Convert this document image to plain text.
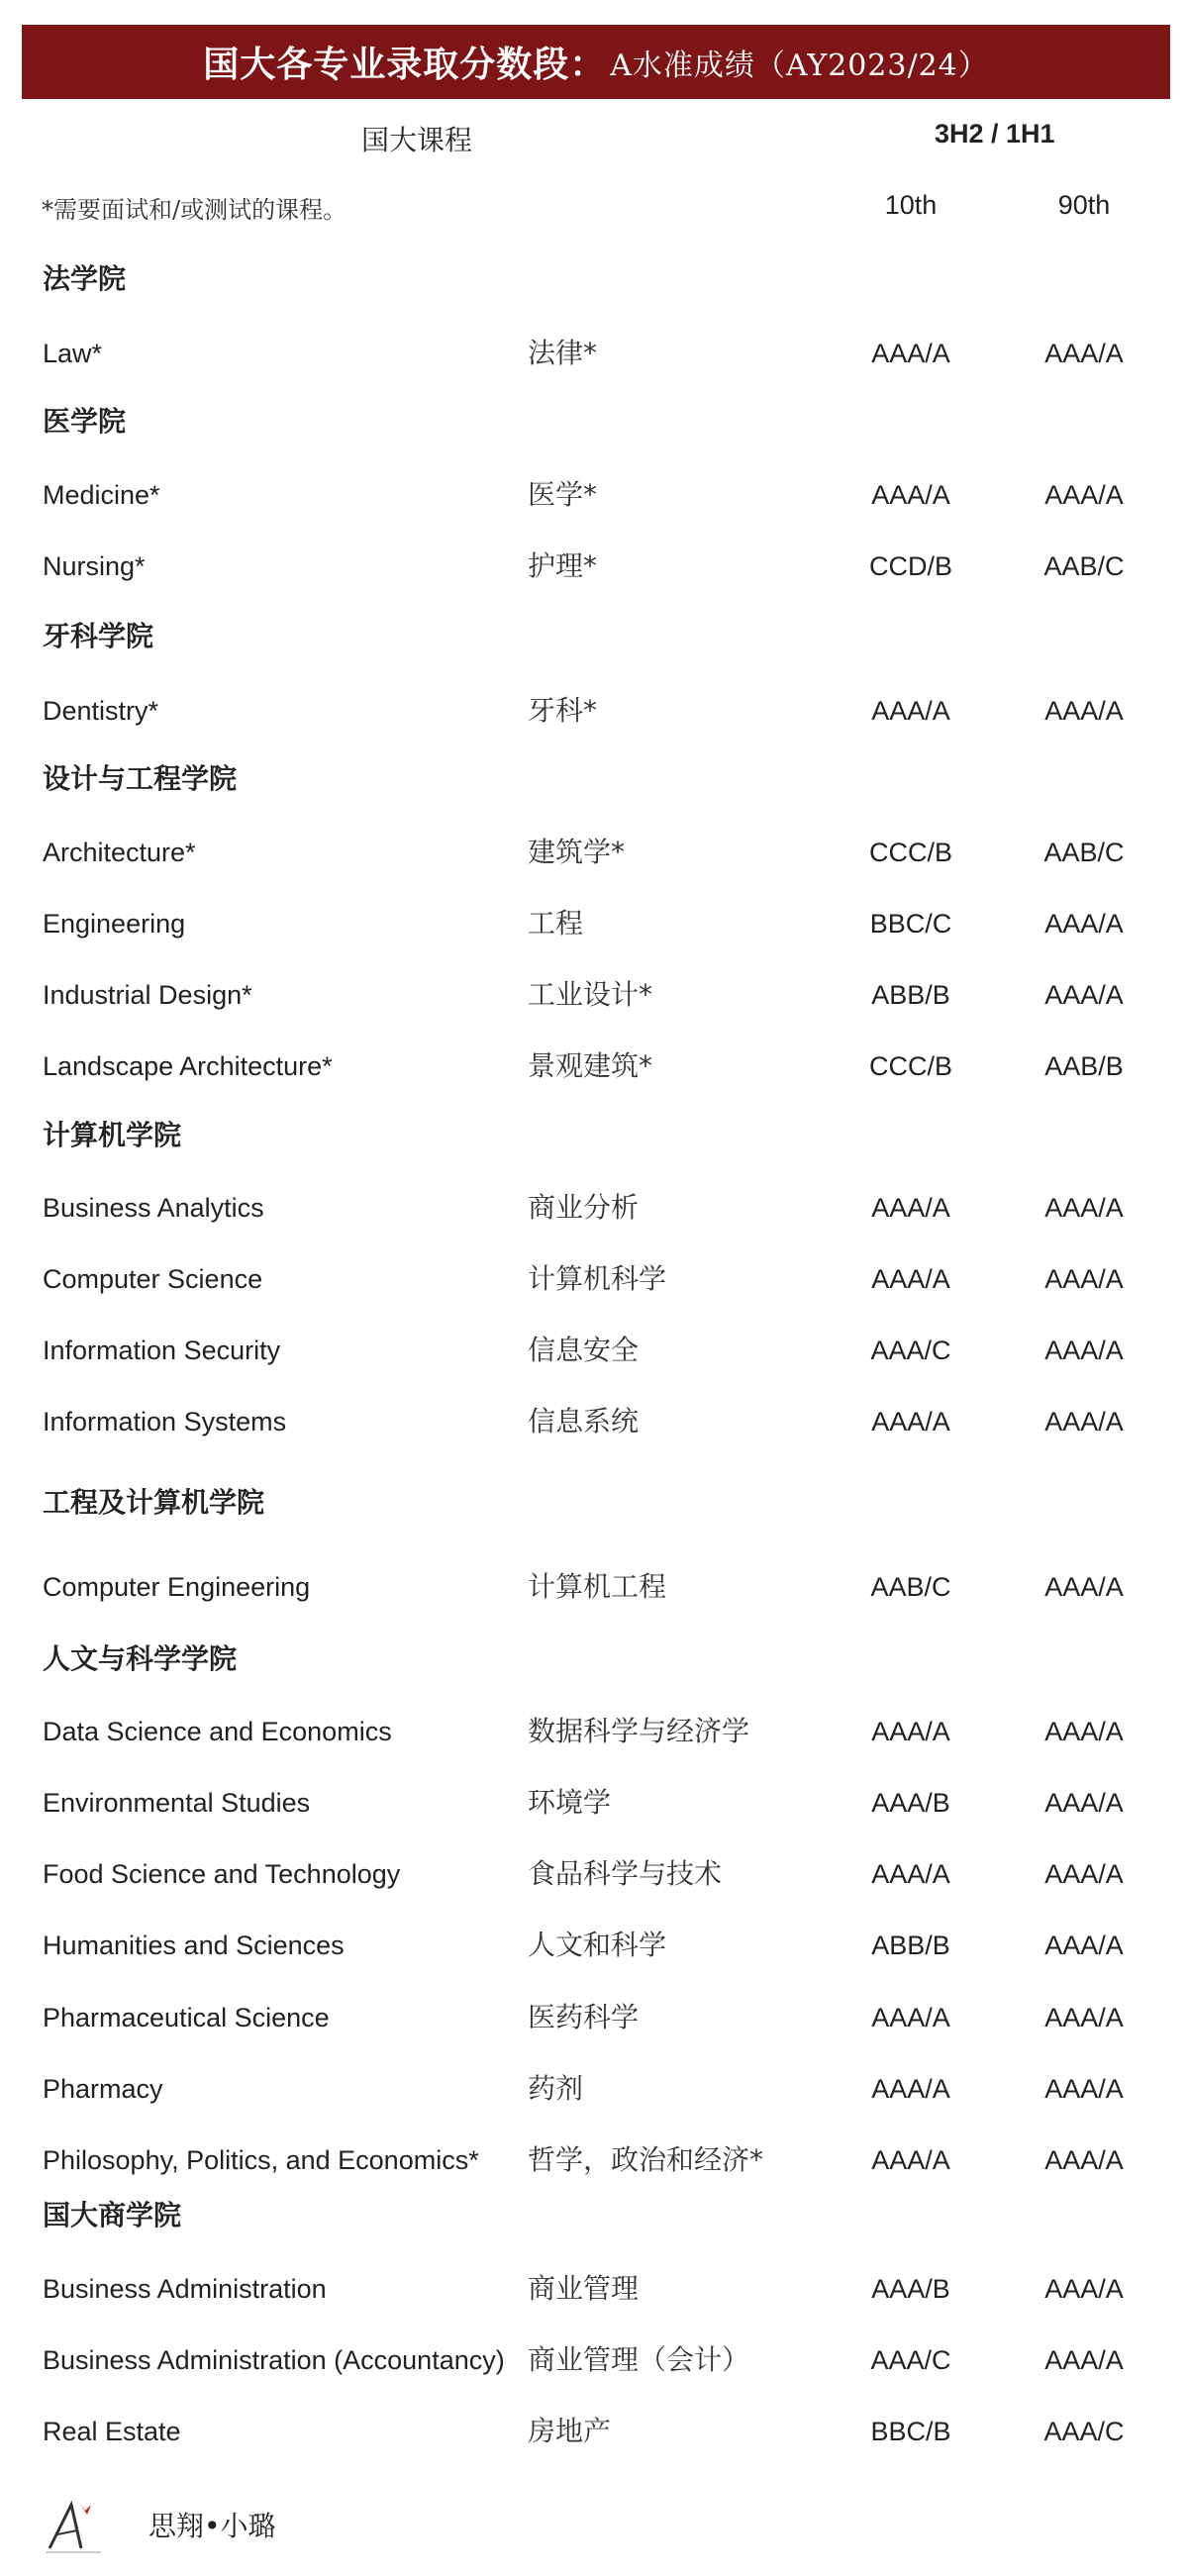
国大各专业录取分数段： A水准成绩（AY2023/24）
国大课程	3H2 / 1H1
*需要面试和/或测试的课程。	10th	90th
法学院
Law*	法律*	AAA/A	AAA/A
医学院
Medicine*	医学*	AAA/A	AAA/A
Nursing*	护理*	CCD/B	AAB/C
牙科学院
Dentistry*	牙科*	AAA/A	AAA/A
设计与工程学院
Architecture*	建筑学*	CCC/B	AAB/C
Engineering	工程	BBC/C	AAA/A
Industrial Design*	工业设计*	ABB/B	AAA/A
Landscape Architecture*	景观建筑*	CCC/B	AAB/B
计算机学院
Business Analytics	商业分析	AAA/A	AAA/A
Computer Science	计算机科学	AAA/A	AAA/A
Information Security	信息安全	AAA/C	AAA/A
Information Systems	信息系统	AAA/A	AAA/A
工程及计算机学院
Computer Engineering	计算机工程	AAB/C	AAA/A
人文与科学学院
Data Science and Economics	数据科学与经济学	AAA/A	AAA/A
Environmental Studies	环境学	AAA/B	AAA/A
Food Science and Technology	食品科学与技术	AAA/A	AAA/A
Humanities and Sciences	人文和科学	ABB/B	AAA/A
Pharmaceutical Science	医药科学	AAA/A	AAA/A
Pharmacy	药剂	AAA/A	AAA/A
Philosophy, Politics, and Economics* 哲学，政治和经济*	AAA/A	AAA/A
国大商学院
Business Administration	商业管理	AAA/B	AAA/A
Business Administration (Accountancy) 商业管理（会计）	AAA/C	AAA/A
Real Estate	房地产	BBC/B	AAA/C
思翔•小璐
